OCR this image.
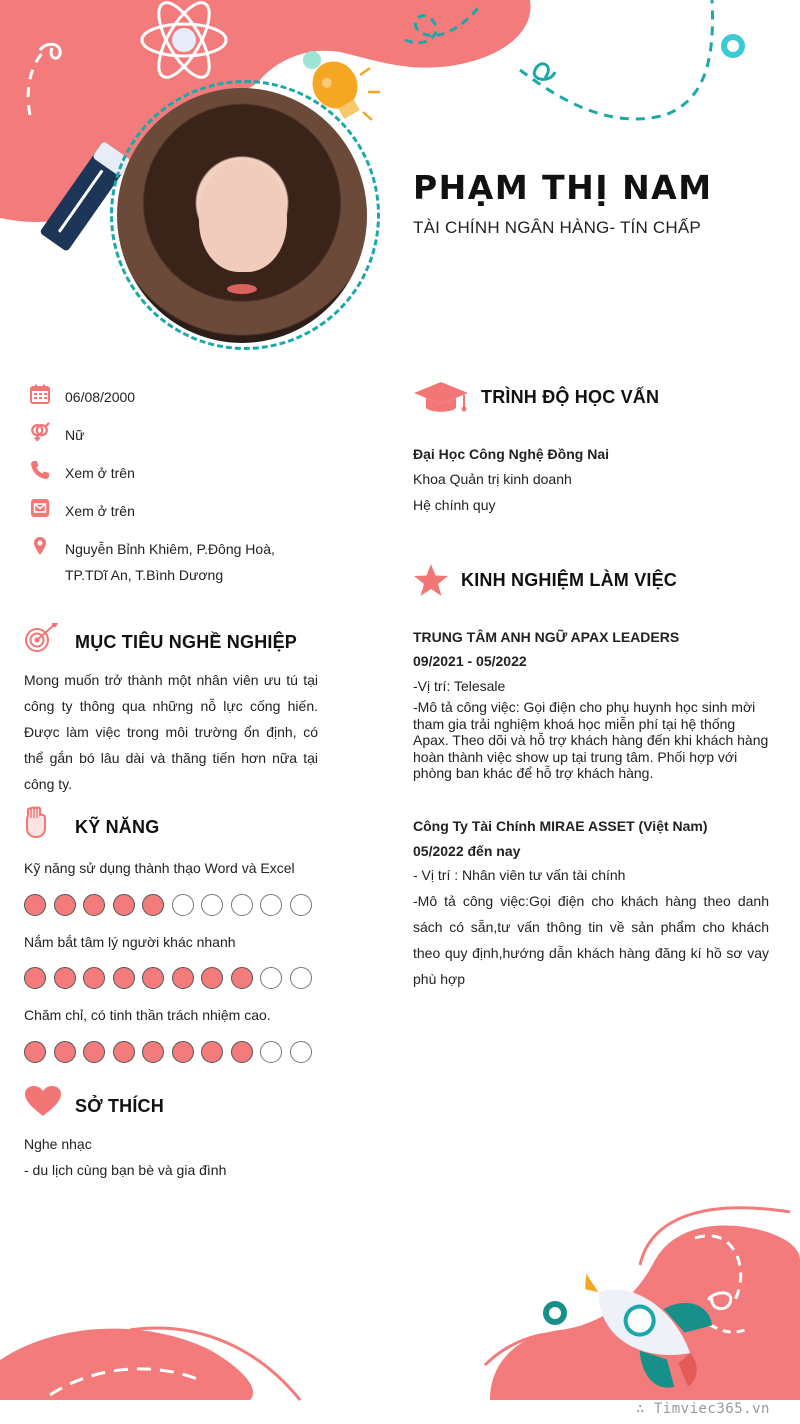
PHẠM THỊ NAM
TÀI CHÍNH NGÂN HÀNG- TÍN CHẤP
06/08/2000
Nữ
Xem ở trên
Xem ở trên
Nguyễn Bỉnh Khiêm, P.Đông Hoà, TP.TDĩ An, T.Bình Dương
MỤC TIÊU NGHỀ NGHIỆP
Mong muốn trở thành một nhân viên ưu tú tại công ty thông qua những nỗ lực cống hiến. Được làm việc trong môi trường ổn định, có thể gắn bó lâu dài và thăng tiến hơn nữa tại công ty.
KỸ NĂNG
Kỹ năng sử dụng thành thạo Word và Excel
Nắm bắt tâm lý người khác nhanh
Chăm chỉ, có tinh thần trách nhiệm cao.
SỞ THÍCH
Nghe nhạc
- du lịch cùng bạn bè và gia đình
TRÌNH ĐỘ HỌC VẤN
Đại Học Công Nghệ Đồng Nai
Khoa Quản trị kinh doanh
Hệ chính quy
KINH NGHIỆM LÀM VIỆC
TRUNG TÂM ANH NGỮ APAX LEADERS
09/2021 - 05/2022
-Vị trí: Telesale
-Mô tả công việc: Gọi điện cho phụ huynh học sinh mời tham gia trải nghiệm khoá học miễn phí tại hệ thống Apax. Theo dõi và hỗ trợ khách hàng đến khi khách hàng hoàn thành việc show up tại trung tâm. Phối hợp với phòng ban khác để hỗ trợ khách hàng.
Công Ty Tài Chính MIRAE ASSET (Việt Nam)
05/2022 đến nay
- Vị trí : Nhân viên tư vấn tài chính
-Mô tả công việc:Gọi điện cho khách hàng theo danh sách có sẵn,tư vấn thông tin về sản phẩm cho khách theo quy định,hướng dẫn khách hàng đăng kí hồ sơ vay phù hợp
∴ Timviec365.vn
